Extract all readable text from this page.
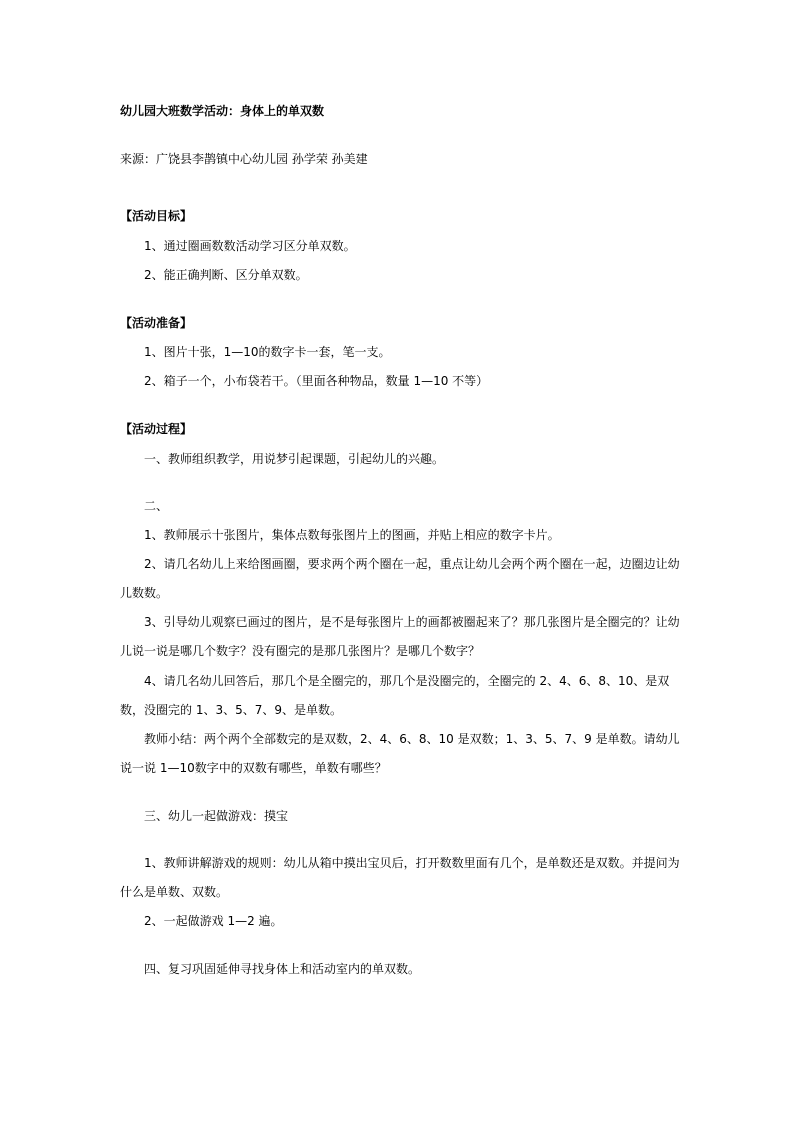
幼儿园大班数学活动：身体上的单双数
来源：广饶县李鹊镇中心幼儿园 孙学荣 孙美建
【活动目标】
1、通过圈画数数活动学习区分单双数。
2、能正确判断、区分单双数。
【活动准备】
1、图片十张，1—10的数字卡一套，笔一支。
2、箱子一个，小布袋若干。（里面各种物品，数量 1—10 不等）
【活动过程】
一、教师组织教学，用说梦引起课题，引起幼儿的兴趣。
二、
1、教师展示十张图片，集体点数每张图片上的图画，并贴上相应的数字卡片。
2、请几名幼儿上来给图画圈，要求两个两个圈在一起，重点让幼儿会两个两个圈在一起，边圈边让幼
儿数数。
3、引导幼儿观察已画过的图片，是不是每张图片上的画都被圈起来了？那几张图片是全圈完的？让幼
儿说一说是哪几个数字？没有圈完的是那几张图片？是哪几个数字？
4、请几名幼儿回答后，那几个是全圈完的，那几个是没圈完的，全圈完的 2、4、6、8、10、是双
数，没圈完的 1、3、5、7、9、是单数。
教师小结：两个两个全部数完的是双数，2、4、6、8、10 是双数；1、3、5、7、9 是单数。请幼儿
说一说 1—10数字中的双数有哪些，单数有哪些？
三、幼儿一起做游戏：摸宝
1、教师讲解游戏的规则：幼儿从箱中摸出宝贝后，打开数数里面有几个，是单数还是双数。并提问为
什么是单数、双数。
2、一起做游戏 1—2 遍。
四、复习巩固延伸寻找身体上和活动室内的单双数。
